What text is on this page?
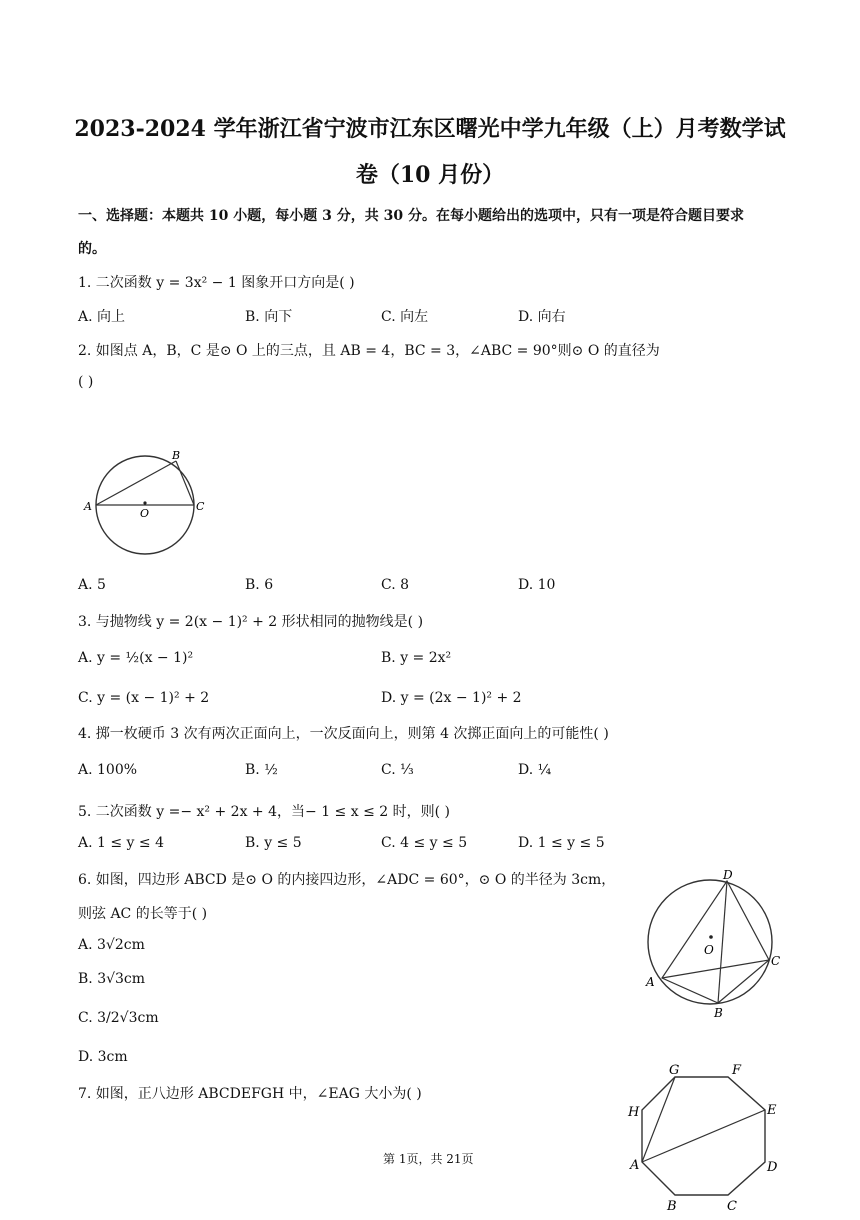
2023-2024 学年浙江省宁波市江东区曙光中学九年级（上）月考数学试
卷（10 月份）
一、选择题：本题共 10 小题，每小题 3 分，共 30 分。在每小题给出的选项中，只有一项是符合题目要求
的。
1. 二次函数 y = 3x² − 1 图象开口方向是( )
A. 向上	B. 向下	C. 向左	D. 向右
2. 如图点 A，B，C 是⊙ O 上的三点，且 AB = 4，BC = 3，∠ABC = 90°则⊙ O 的直径为
( )
A
B
C
O
A. 5	B. 6	C. 8	D. 10
3. 与抛物线 y = 2(x − 1)² + 2 形状相同的抛物线是( )
A. y = ½(x − 1)²	B. y = 2x²
C. y = (x − 1)² + 2	D. y = (2x − 1)² + 2
4. 掷一枚硬币 3 次有两次正面向上，一次反面向上，则第 4 次掷正面向上的可能性( )
A. 100%	B. ½	C. ⅓	D. ¼
5. 二次函数 y =− x² + 2x + 4，当− 1 ≤ x ≤ 2 时，则( )
A. 1 ≤ y ≤ 4	B. y ≤ 5	C. 4 ≤ y ≤ 5	D. 1 ≤ y ≤ 5
6. 如图，四边形 ABCD 是⊙ O 的内接四边形，∠ADC = 60°，⊙ O 的半径为 3cm，
则弦 AC 的长等于( )
A. 3√2cm
B. 3√3cm
C. 3/2√3cm
D. 3cm
D
O
A
B
C
7. 如图，正八边形 ABCDEFGH 中，∠EAG 大小为( )
G	F
H	E
A	D
B	C
第 1页，共 21页
